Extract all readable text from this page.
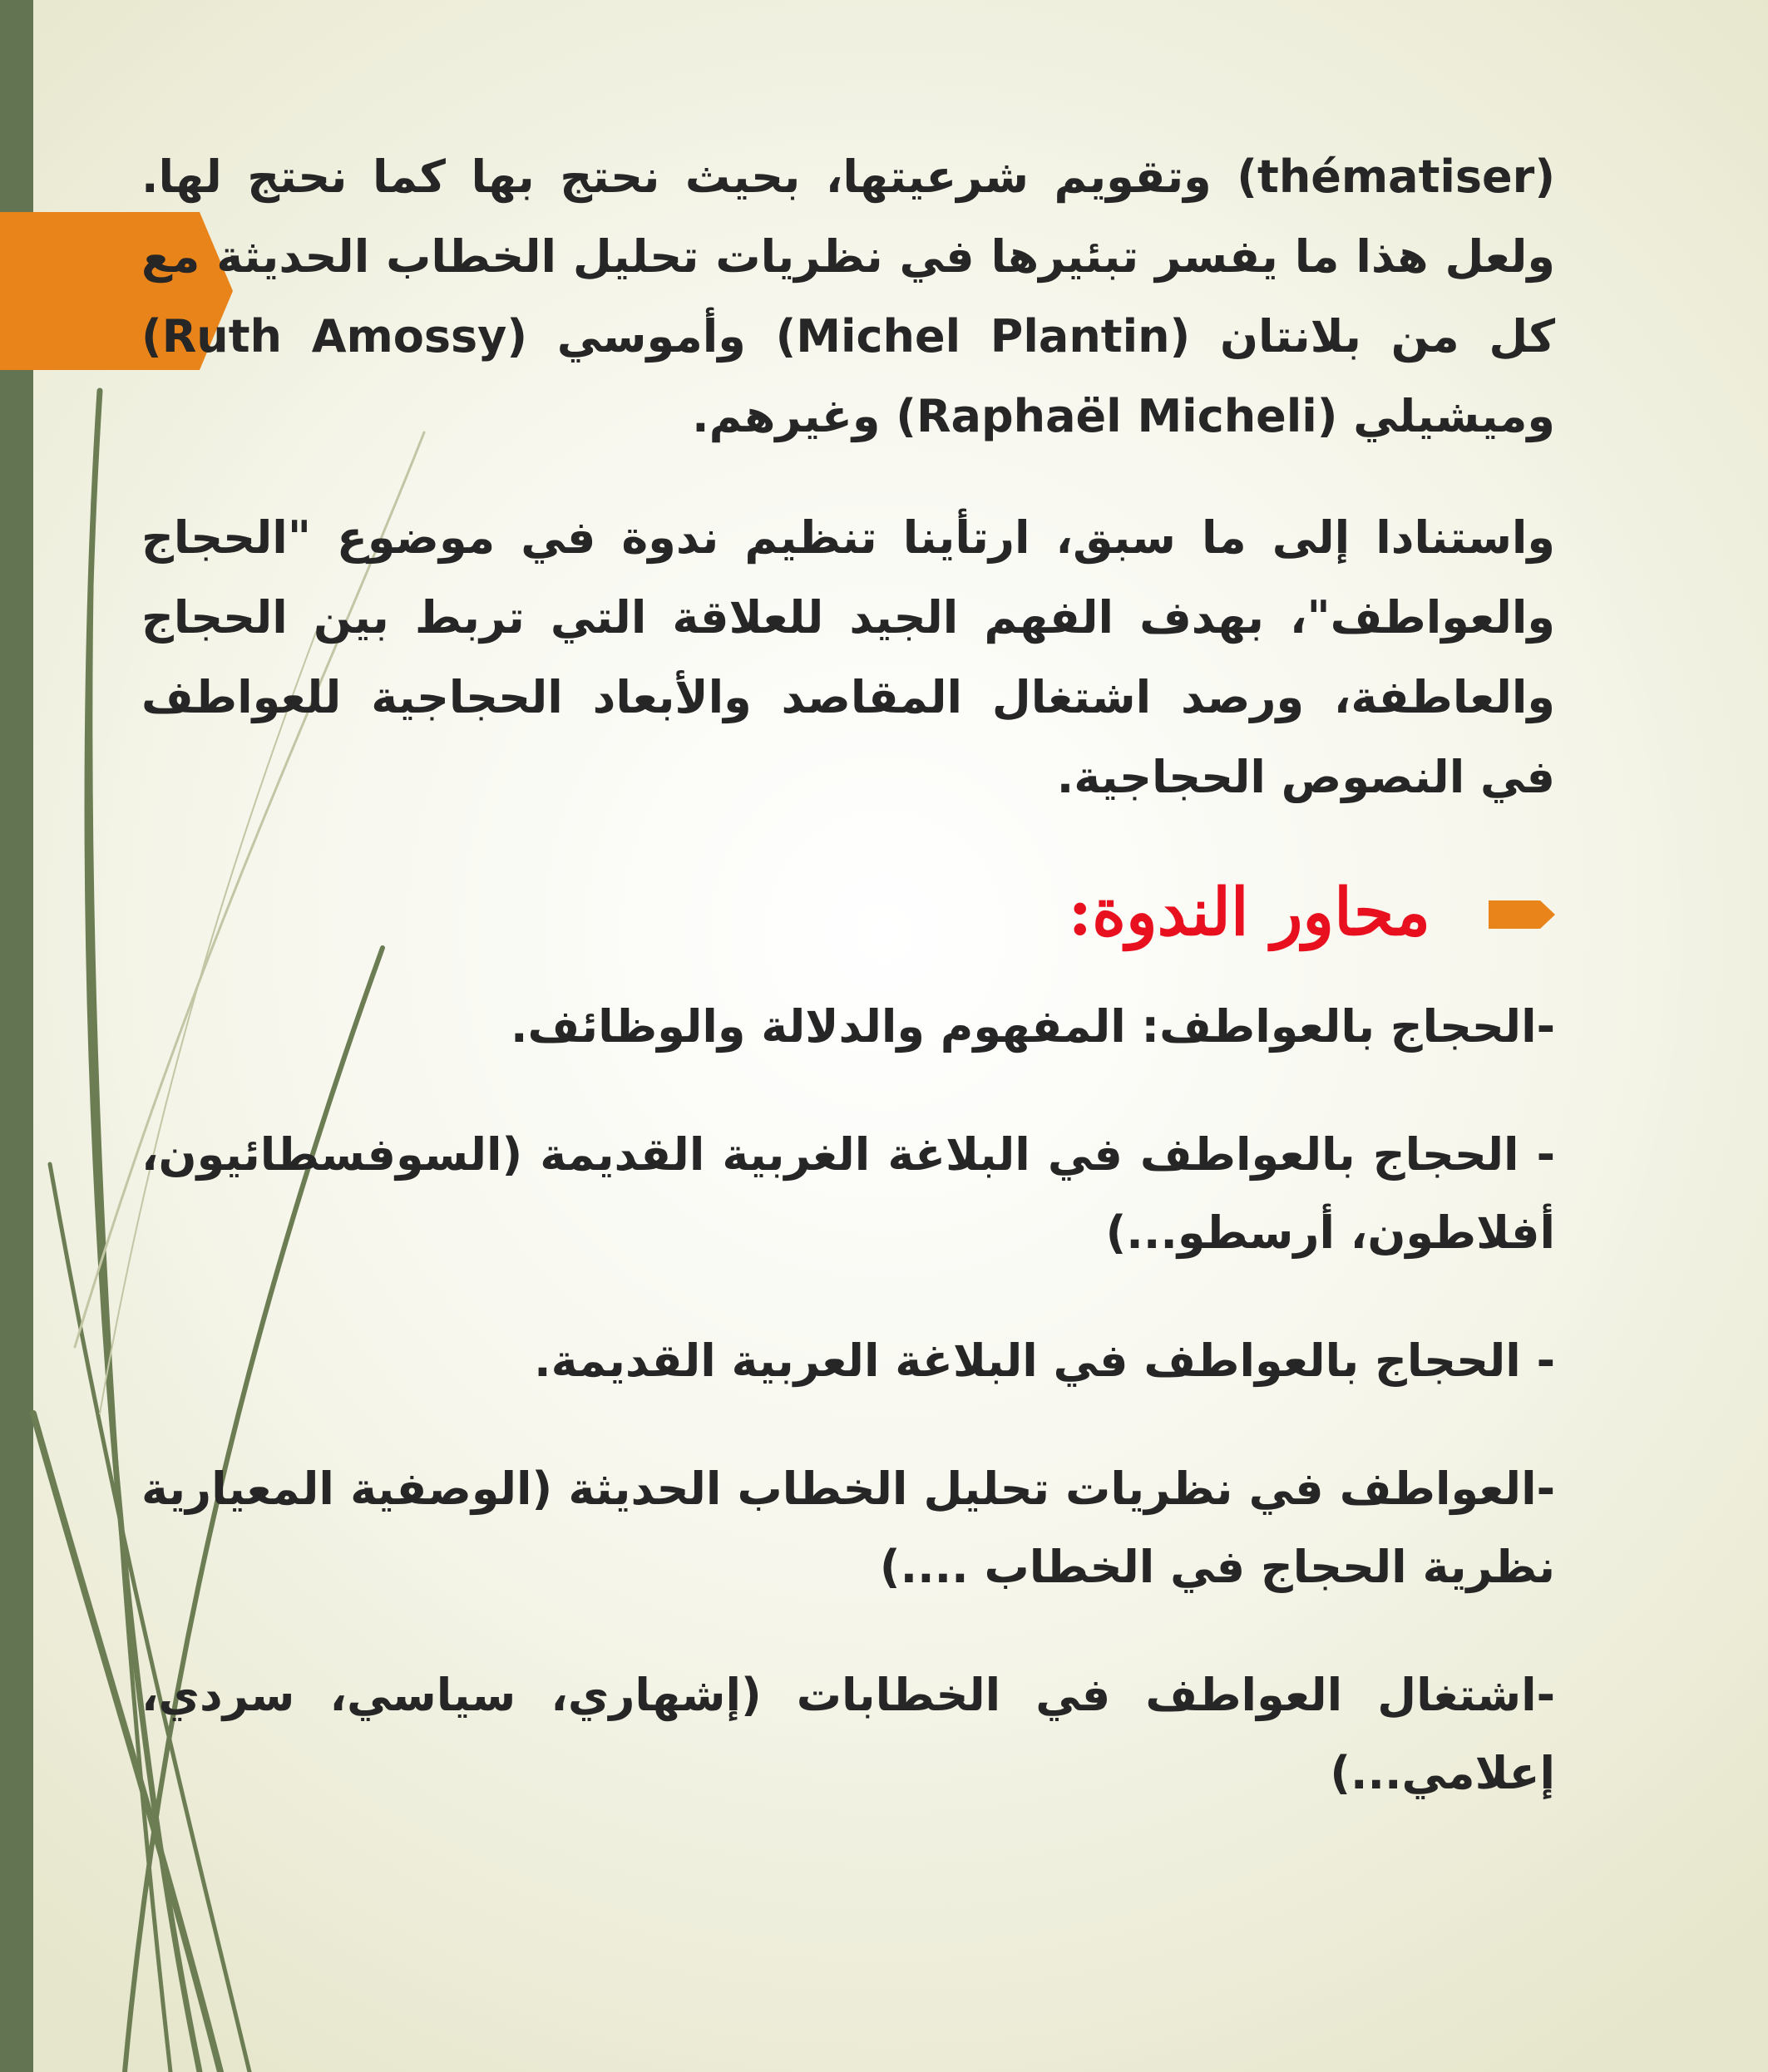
(thématiser) وتقويم شرعيتها، بحيث نحتج بها كما نحتج لها. ولعل هذا ما يفسر تبئيرها في نظريات تحليل الخطاب الحديثة مع كل من بلانتان (Michel Plantin) وأموسي (Ruth Amossy) وميشيلي (Raphaël Micheli) وغيرهم.

واستنادا إلى ما سبق، ارتأينا تنظيم ندوة في موضوع "الحجاج والعواطف"، بهدف الفهم الجيد للعلاقة التي تربط بين الحجاج والعاطفة، ورصد اشتغال المقاصد والأبعاد الحجاجية للعواطف في النصوص الحجاجية.

محاور الندوة:

-الحجاج بالعواطف: المفهوم والدلالة والوظائف.

- الحجاج بالعواطف في البلاغة الغربية القديمة (السوفسطائيون، أفلاطون، أرسطو...)

- الحجاج بالعواطف في البلاغة العربية القديمة.

-العواطف في نظريات تحليل الخطاب الحديثة (الوصفية المعيارية نظرية الحجاج في الخطاب ....)

-اشتغال العواطف في الخطابات (إشهاري، سياسي، سردي، إعلامي...)
